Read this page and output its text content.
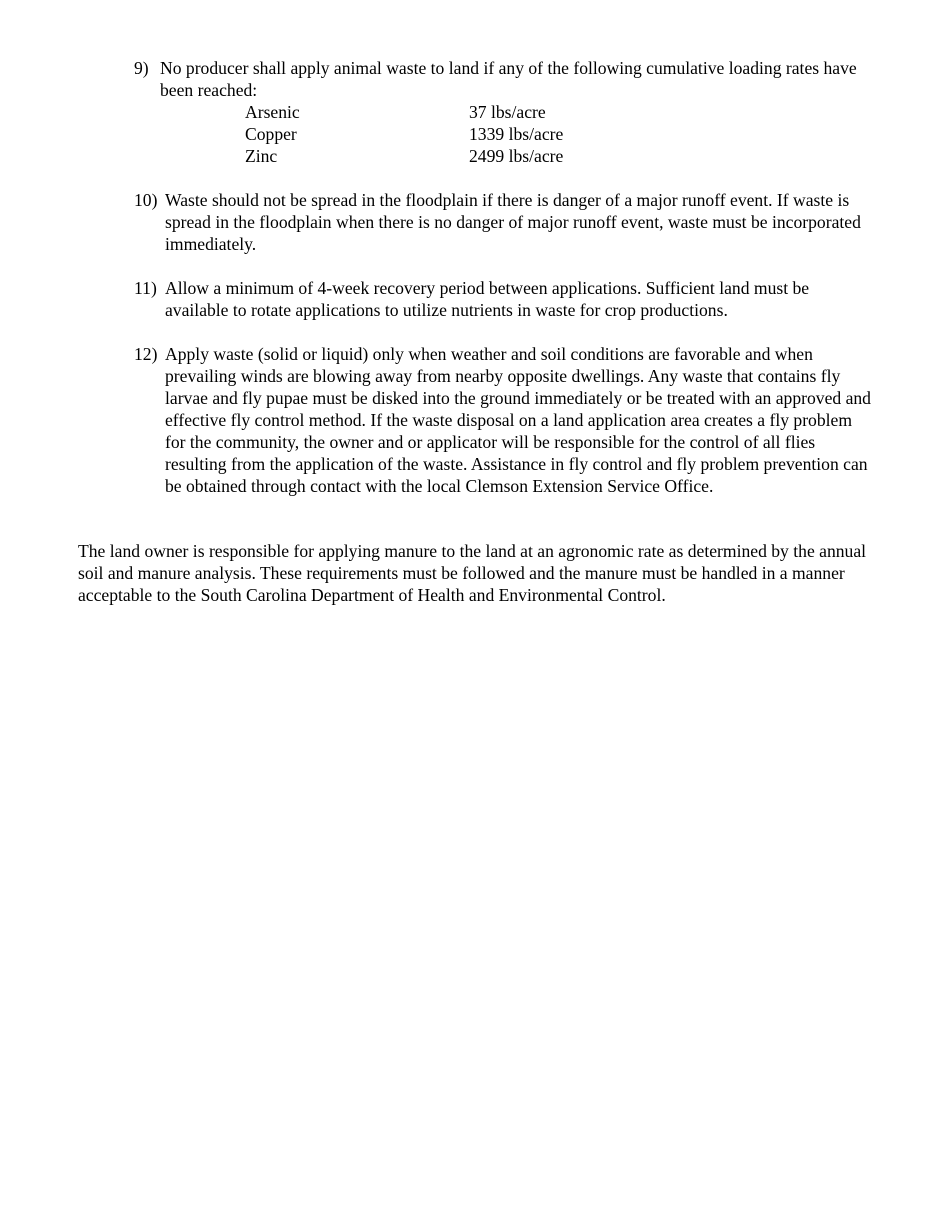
9) No producer shall apply animal waste to land if any of the following cumulative loading rates have been reached:

Arsenic	37 lbs/acre
Copper	1339 lbs/acre
Zinc	2499 lbs/acre

10) Waste should not be spread in the floodplain if there is danger of a major runoff event. If waste is spread in the floodplain when there is no danger of major runoff event, waste must be incorporated immediately.

11) Allow a minimum of 4-week recovery period between applications. Sufficient land must be available to rotate applications to utilize nutrients in waste for crop productions.

12) Apply waste (solid or liquid) only when weather and soil conditions are favorable and when prevailing winds are blowing away from nearby opposite dwellings. Any waste that contains fly larvae and fly pupae must be disked into the ground immediately or be treated with an approved and effective fly control method. If the waste disposal on a land application area creates a fly problem for the community, the owner and or applicator will be responsible for the control of all flies resulting from the application of the waste. Assistance in fly control and fly problem prevention can be obtained through contact with the local Clemson Extension Service Office.

The land owner is responsible for applying manure to the land at an agronomic rate as determined by the annual soil and manure analysis. These requirements must be followed and the manure must be handled in a manner acceptable to the South Carolina Department of Health and Environmental Control.
